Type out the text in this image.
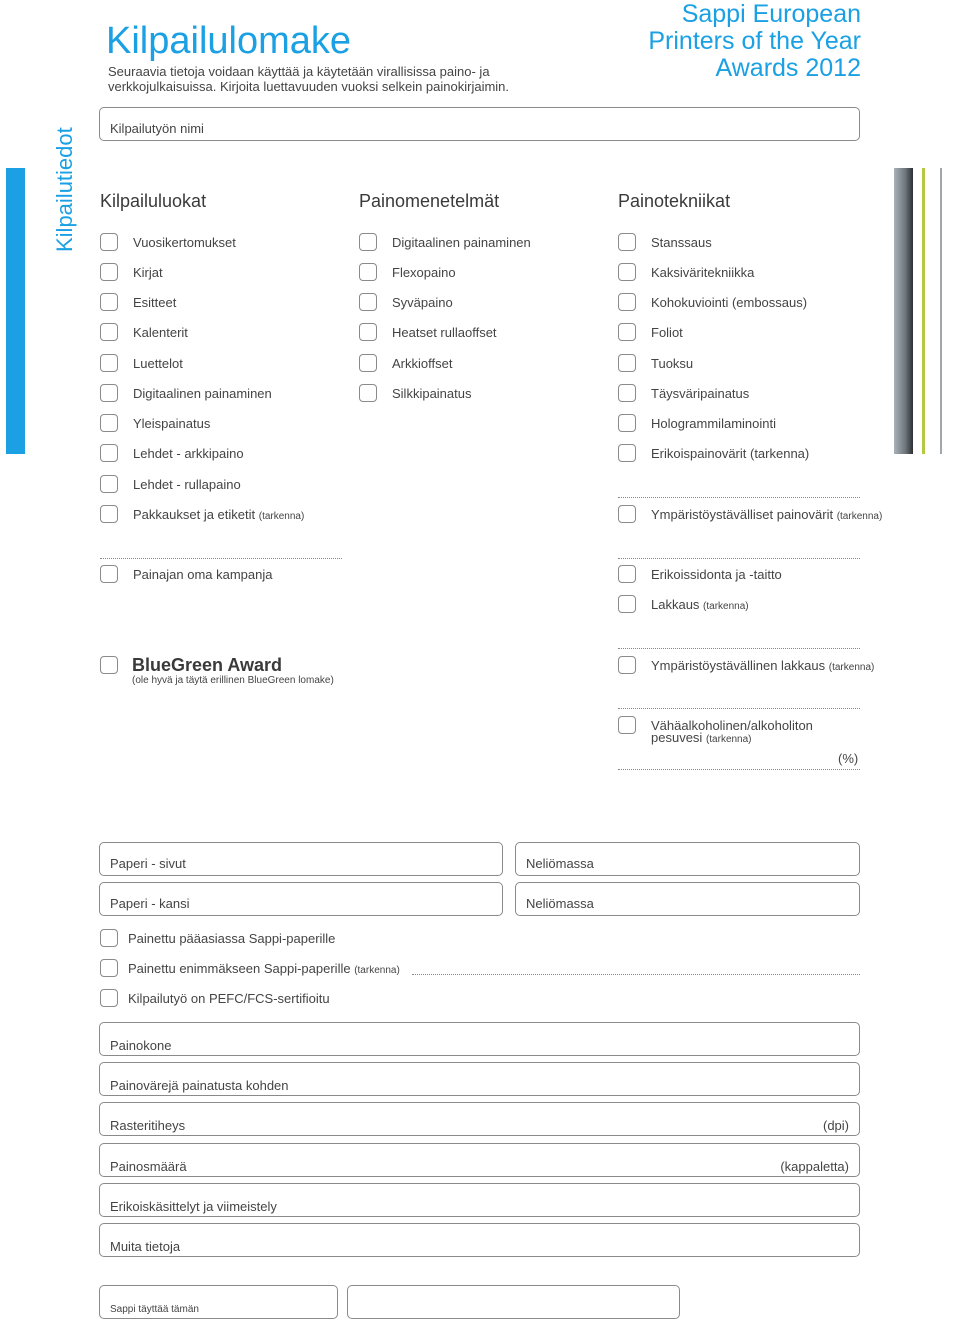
Kilpailulomake
Seuraavia tietoja voidaan käyttää ja käytetään virallisissa paino- ja
verkkojulkaisuissa. Kirjoita luettavuuden vuoksi selkein painokirjaimin.
Sappi European
Printers of the Year
Awards 2012
Kilpailutiedot	Kilpailutyön nimi
Kilpailuluokat	Painomenetelmät	Painotekniikat
Vuosikertomukset
Kirjat
Esitteet
Kalenterit
Luettelot
Digitaalinen painaminen
Yleispainatus
Lehdet - arkkipaino
Lehdet - rullapaino
Pakkaukset ja etiketit (tarkenna)
Digitaalinen painaminen
Flexopaino
Syväpaino
Heatset rullaoffset
Arkkioffset
Silkkipainatus
Stanssaus
Kaksiväritekniikka
Kohokuviointi (embossaus)
Foliot
Tuoksu
Täysväripainatus
Hologrammilaminointi
Erikoispainovärit (tarkenna)
Ympäristöystävälliset painovärit (tarkenna)
Painajan oma kampanja	Erikoissidonta ja -taitto
Lakkaus (tarkenna)
BlueGreen Award
(ole hyvä ja täytä erillinen BlueGreen lomake)
Ympäristöystävällinen lakkaus (tarkenna)
Vähäalkoholinen/alkoholiton
pesuvesi (tarkenna)
(%)
Paperi - sivut	Neliömassa
Paperi - kansi	Neliömassa
Painettu pääasiassa Sappi-paperille
Painettu enimmäkseen Sappi-paperille (tarkenna)
Kilpailutyö on PEFC/FCS-sertifioitu
Painokone
Painovärejä painatusta kohden
Rasteritiheys	(dpi)
Painosmäärä	(kappaletta)
Erikoiskäsittelyt ja viimeistely
Muita tietoja
Sappi täyttää tämän
